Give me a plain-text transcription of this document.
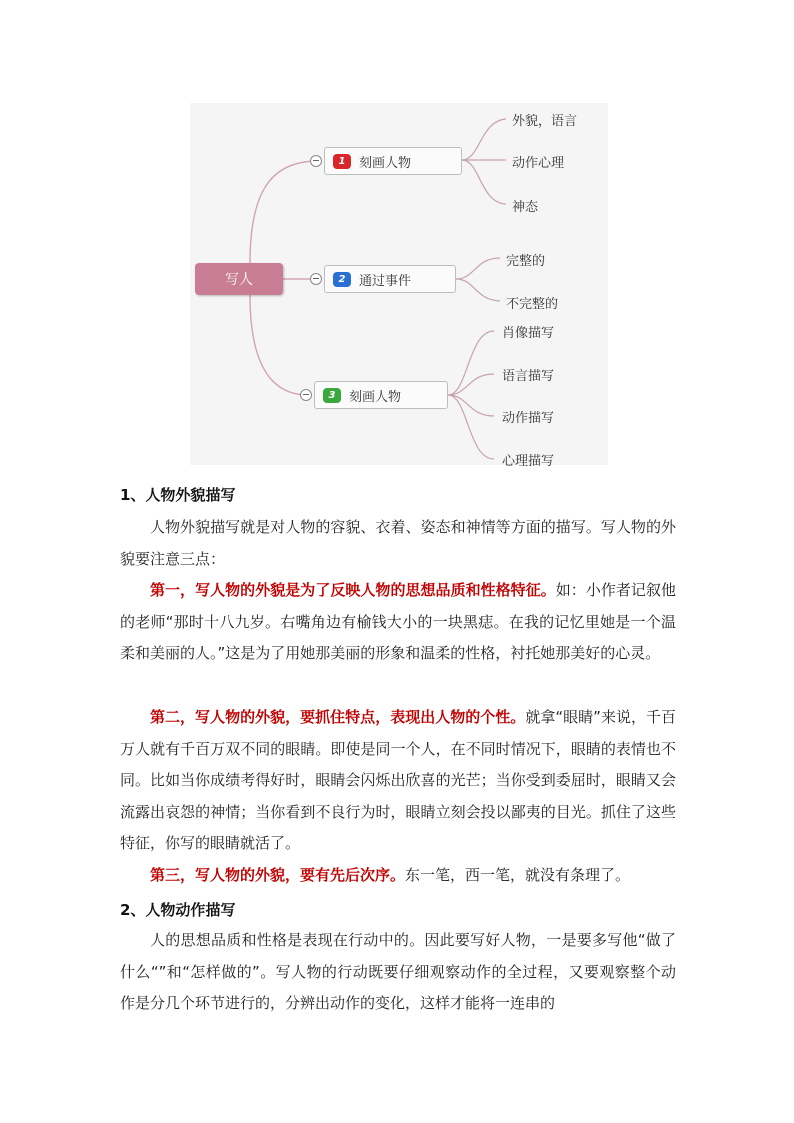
写人
1	刻画人物
外貌，语言
动作心理
神态
2	通过事件
完整的
不完整的
3	刻画人物
肖像描写
语言描写
动作描写
心理描写
1、人物外貌描写

人物外貌描写就是对人物的容貌、衣着、姿态和神情等方面的描写。写人物的外貌要注意三点：

第一，写人物的外貌是为了反映人物的思想品质和性格特征。如：小作者记叙他的老师“那时十八九岁。右嘴角边有榆钱大小的一块黑痣。在我的记忆里她是一个温柔和美丽的人。”这是为了用她那美丽的形象和温柔的性格，衬托她那美好的心灵。

第二，写人物的外貌，要抓住特点，表现出人物的个性。就拿“眼睛”来说，千百万人就有千百万双不同的眼睛。即使是同一个人，在不同时情况下，眼睛的表情也不同。比如当你成绩考得好时，眼睛会闪烁出欣喜的光芒；当你受到委屈时，眼睛又会流露出哀怨的神情；当你看到不良行为时，眼睛立刻会投以鄙夷的目光。抓住了这些特征，你写的眼睛就活了。

第三，写人物的外貌，要有先后次序。东一笔，西一笔，就没有条理了。

2、人物动作描写

人的思想品质和性格是表现在行动中的。因此要写好人物，一是要多写他“做了什么“”和“怎样做的”。写人物的行动既要仔细观察动作的全过程，又要观察整个动作是分几个环节进行的，分辨出动作的变化，这样才能将一连串的
